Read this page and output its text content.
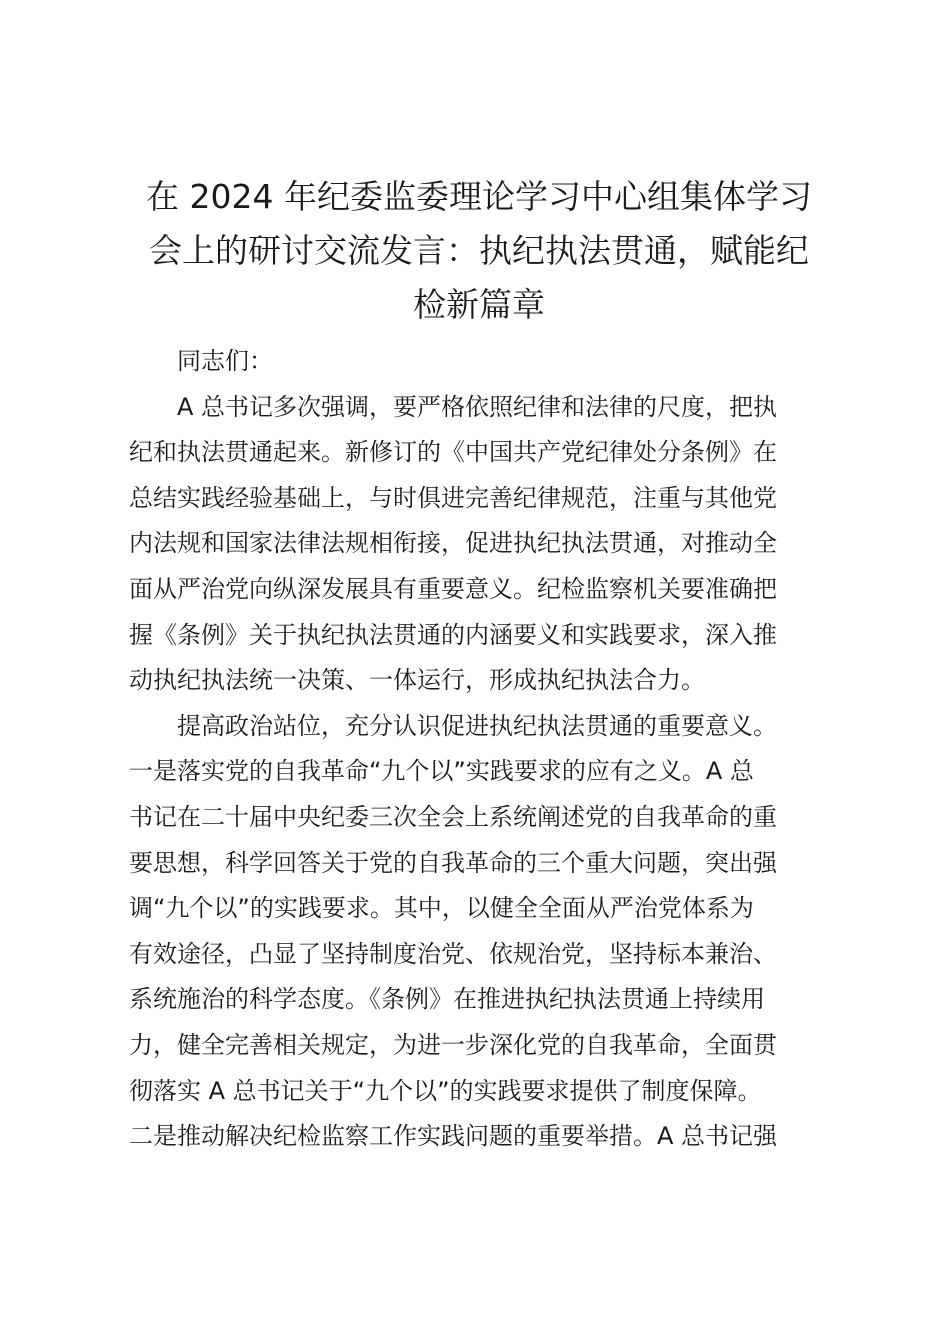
在 2024 年纪委监委理论学习中心组集体学习
会上的研讨交流发言：执纪执法贯通，赋能纪
检新篇章

同志们：

A 总书记多次强调，要严格依照纪律和法律的尺度，把执
纪和执法贯通起来。新修订的《中国共产党纪律处分条例》在
总结实践经验基础上，与时俱进完善纪律规范，注重与其他党
内法规和国家法律法规相衔接，促进执纪执法贯通，对推动全
面从严治党向纵深发展具有重要意义。纪检监察机关要准确把
握《条例》关于执纪执法贯通的内涵要义和实践要求，深入推
动执纪执法统一决策、一体运行，形成执纪执法合力。
提高政治站位，充分认识促进执纪执法贯通的重要意义。
一是落实党的自我革命“九个以”实践要求的应有之义。A 总
书记在二十届中央纪委三次全会上系统阐述党的自我革命的重
要思想，科学回答关于党的自我革命的三个重大问题，突出强
调“九个以”的实践要求。其中，以健全全面从严治党体系为
有效途径，凸显了坚持制度治党、依规治党，坚持标本兼治、
系统施治的科学态度。《条例》在推进执纪执法贯通上持续用
力，健全完善相关规定，为进一步深化党的自我革命，全面贯
彻落实 A 总书记关于“九个以”的实践要求提供了制度保障。
二是推动解决纪检监察工作实践问题的重要举措。A 总书记强
